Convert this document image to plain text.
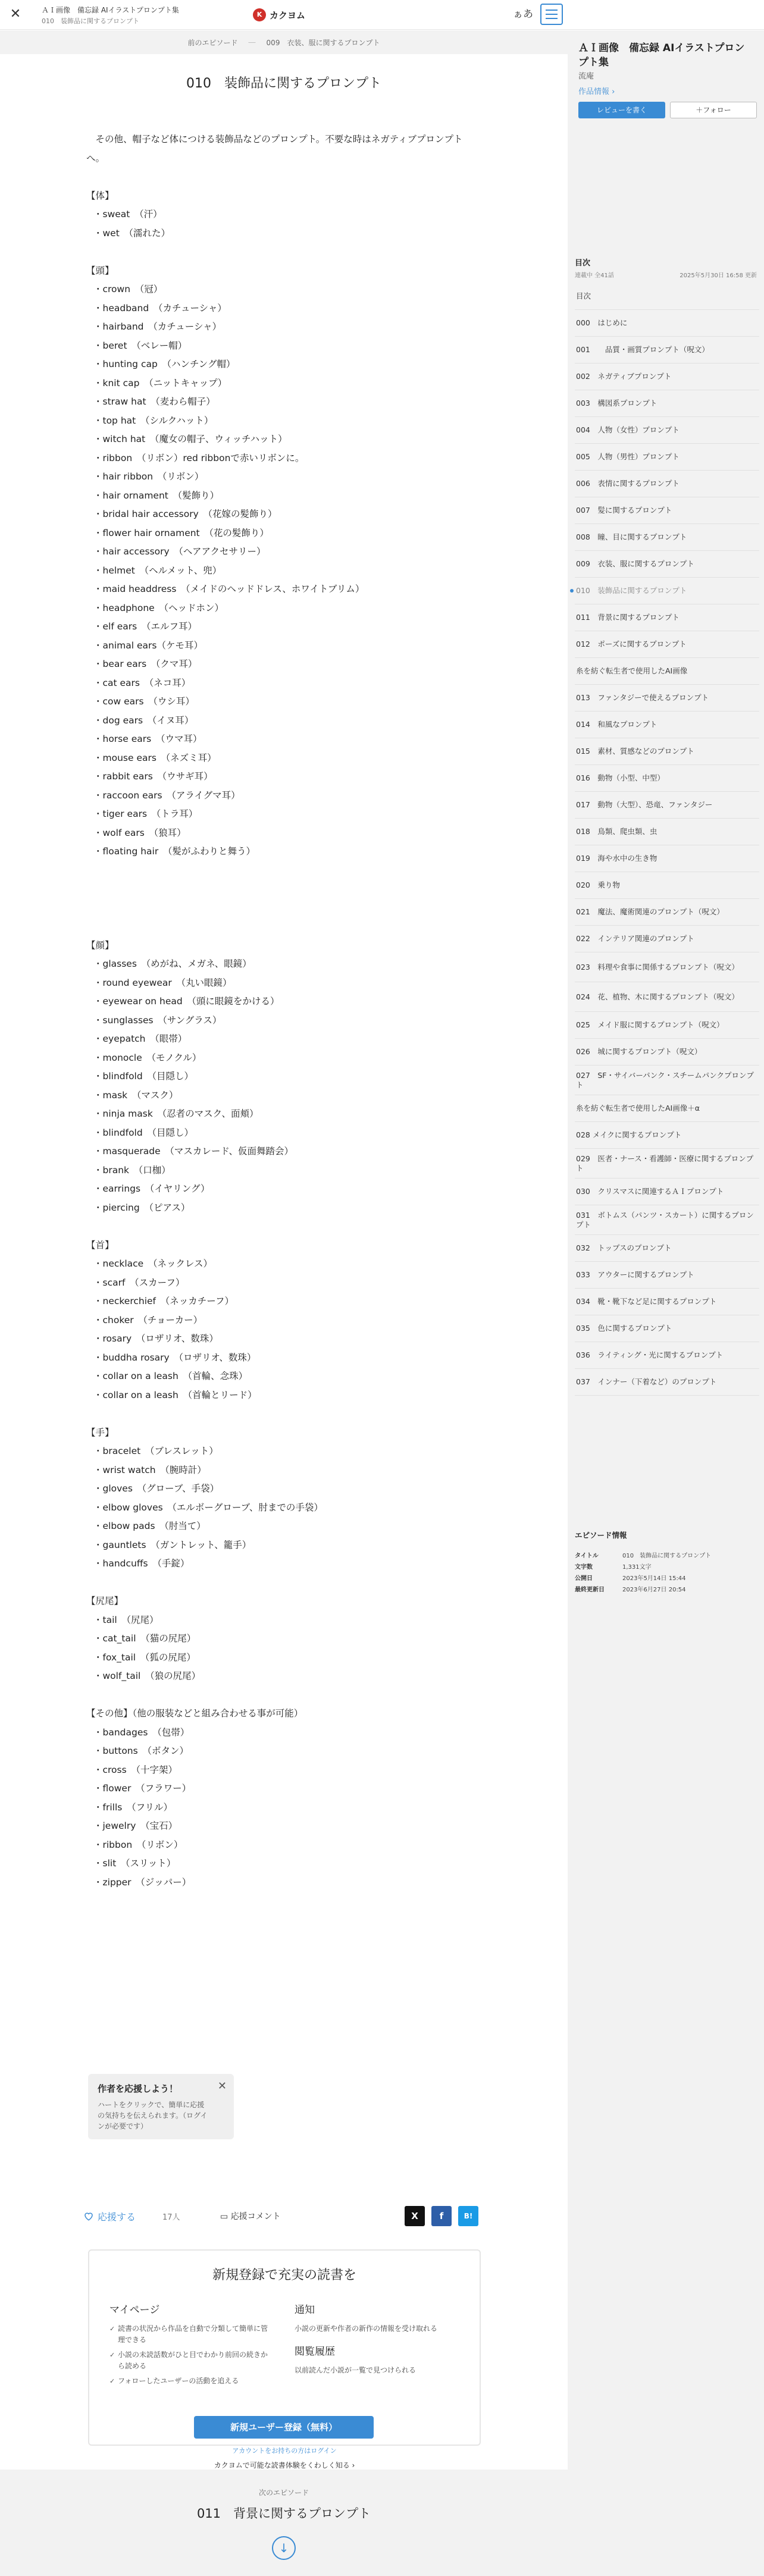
✕	ＡＩ画像　備忘録 AIイラストプロンプト集
010　装飾品に関するプロンプト
K カクヨム	ぁあ
前のエピソード ― 009　衣装、服に関するプロンプト
010　装飾品に関するプロンプト
　その他、帽子など体につける装飾品などのプロンプト。不要な時はネガティブプロンプトへ。
【体】
・sweat　（汗）
・wet　（濡れた）
【頭】
・crown　（冠）
・headband　（カチューシャ）
・hairband　（カチューシャ）
・beret　（ベレー帽）
・hunting cap　（ハンチング帽）
・knit cap　（ニットキャップ）
・straw hat　（麦わら帽子）
・top hat　（シルクハット）
・witch hat　（魔女の帽子、ウィッチハット）
・ribbon　（リボン）red ribbonで赤いリボンに。
・hair ribbon　（リボン）
・hair ornament　（髪飾り）
・bridal hair accessory　（花嫁の髪飾り）
・flower hair ornament　（花の髪飾り）
・hair accessory　（ヘアアクセサリー）
・helmet　（ヘルメット、兜）
・maid headdress　（メイドのヘッドドレス、ホワイトブリム）
・headphone　（ヘッドホン）
・elf ears　（エルフ耳）
・animal ears（ケモ耳）
・bear ears　（クマ耳）
・cat ears　（ネコ耳）
・cow ears　（ウシ耳）
・dog ears　（イヌ耳）
・horse ears　（ウマ耳）
・mouse ears　（ネズミ耳）
・rabbit ears　（ウサギ耳）
・raccoon ears　（アライグマ耳）
・tiger ears　（トラ耳）
・wolf ears　（狼耳）
・floating hair　（髪がふわりと舞う）
【顔】
・glasses　（めがね、メガネ、眼鏡）
・round eyewear　（丸い眼鏡）
・eyewear on head　（頭に眼鏡をかける）
・sunglasses　（サングラス）
・eyepatch　（眼帯）
・monocle　（モノクル）
・blindfold　（目隠し）
・mask　（マスク）
・ninja mask　（忍者のマスク、面頬）
・blindfold　（目隠し）
・masquerade　（マスカレード、仮面舞踏会）
・brank　（口枷）
・earrings　（イヤリング）
・piercing　（ピアス）
【首】
・necklace　（ネックレス）
・scarf　（スカーフ）
・neckerchief　（ネッカチーフ）
・choker　（チョーカー）
・rosary　（ロザリオ、数珠）
・buddha rosary　（ロザリオ、数珠）
・collar on a leash　（首輪、念珠）
・collar on a leash　（首輪とリード）
【手】
・bracelet　（ブレスレット）
・wrist watch　（腕時計）
・gloves　（グローブ、手袋）
・elbow gloves　（エルボーグローブ、肘までの手袋）
・elbow pads　（肘当て）
・gauntlets　（ガントレット、籠手）
・handcuffs　（手錠）
【尻尾】
・tail　（尻尾）
・cat_tail　（猫の尻尾）
・fox_tail　（狐の尻尾）
・wolf_tail　（狼の尻尾）
【その他】（他の服装などと組み合わせる事が可能）
・bandages　（包帯）
・buttons　（ボタン）
・cross　（十字架）
・flower　（フラワー）
・frills　（フリル）
・jewelry　（宝石）
・ribbon　（リボン）
・slit　（スリット）
・zipper　（ジッパー）
作者を応援しよう！
ハートをクリックで、簡単に応援の気持ちを伝えられます。（ログインが必要です）
✕
応援する	17人	▭ 応援コメント	X	f	B!
新規登録で充実の読書を
マイページ
✓ 読書の状況から作品を自動で分類して簡単に管理できる
✓ 小説の未読話数がひと目でわかり前回の続きから読める
✓ フォローしたユーザーの活動を追える
通知
小説の更新や作者の新作の情報を受け取れる
閲覧履歴
以前読んだ小説が一覧で見つけられる
新規ユーザー登録（無料）
アカウントをお持ちの方はログイン
カクヨムで可能な読書体験をくわしく知る ›
次のエピソード
011　背景に関するプロンプト
↓
ＡＩ画像　備忘録 AIイラストプロンプト集
流庵
作品情報 ›
レビューを書く	＋フォロー
目次
連載中 全41話	2025年5月30日 16:58 更新
目次
000　はじめに
001　　品質・画質プロンプト（呪文）
002　ネガティブプロンプト
003　構図系プロンプト
004　人物（女性）プロンプト
005　人物（男性）プロンプト
006　表情に関するプロンプト
007　髪に関するプロンプト
008　瞳、目に関するプロンプト
009　衣装、服に関するプロンプト
010　装飾品に関するプロンプト
011　背景に関するプロンプト
012　ポーズに関するプロンプト
糸を紡ぐ転生者で使用したAI画像
013　ファンタジーで使えるプロンプト
014　和風なプロンプト
015　素材、質感などのプロンプト
016　動物（小型、中型）
017　動物（大型）、恐竜、ファンタジー
018　鳥類、爬虫類、虫
019　海や水中の生き物
020　乗り物
021　魔法、魔術関連のプロンプト（呪文）
022　インテリア関連のプロンプト
023　料理や食事に関係するプロンプト（呪文）
024　花、植物、木に関するプロンプト（呪文）
025　メイド服に関するプロンプト（呪文）
026　城に関するプロンプト（呪文）
027　SF・サイバーパンク・スチームパンクプロンプト
糸を紡ぐ転生者で使用したAI画像＋α
028 メイクに関するプロンプト
029　医者・ナース・看護師・医療に関するプロンプト
030　クリスマスに関連するＡＩプロンプト
031　ボトムス（パンツ・スカート）に関するプロンプト
032　トップスのプロンプト
033　アウターに関するプロンプト
034　靴・靴下など足に関するプロンプト
035　色に関するプロンプト
036　ライティング・光に関するプロンプト
037　インナー（下着など）のプロンプト
エピソード情報
タイトル	010　装飾品に関するプロンプト
文字数	1,331文字
公開日	2023年5月14日 15:44
最終更新日	2023年6月27日 20:54
